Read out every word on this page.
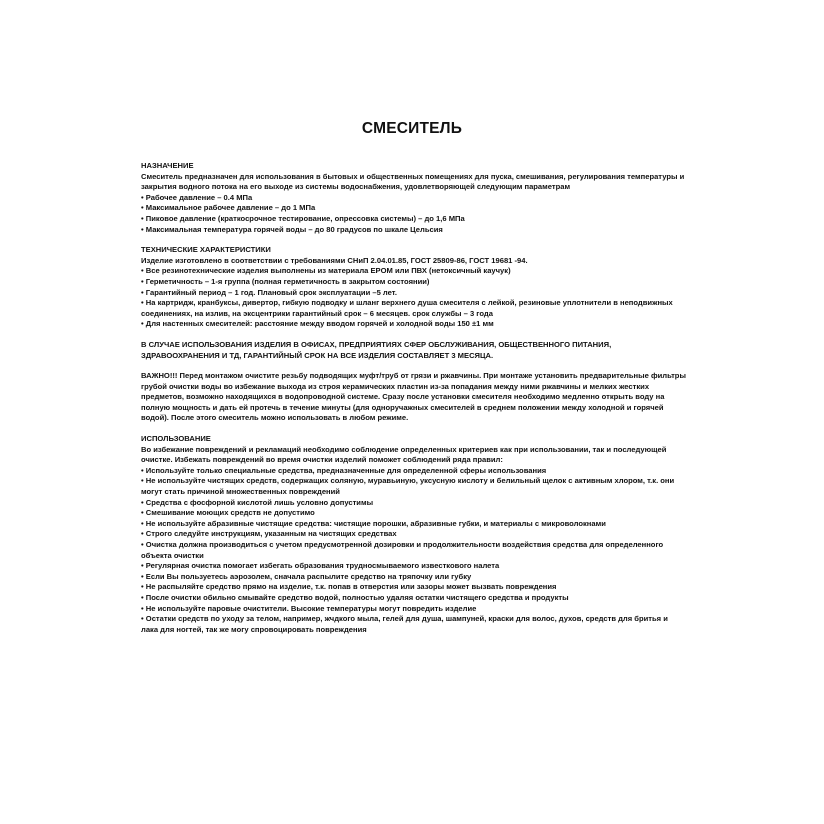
СМЕСИТЕЛЬ

НАЗНАЧЕНИЕ

Смеситель предназначен для использования в бытовых и общественных помещениях для пуска, смешивания, регулирования температуры и закрытия водного потока на его выходе из системы водоснабжения, удовлетворяющей следующим параметрам

• Рабочее давление – 0.4 МПа
• Максимальное рабочее давление – до 1 МПа
• Пиковое давление (краткосрочное тестирование, опрессовка системы) – до 1,6 МПа
• Максимальная температура горячей воды – до 80 градусов по шкале Цельсия

ТЕХНИЧЕСКИЕ ХАРАКТЕРИСТИКИ

Изделие изготовлено в соответствии с требованиями СНиП 2.04.01.85, ГОСТ 25809-86, ГОСТ 19681 -94.

• Все резинотехнические изделия выполнены из материала EPOM или ПВХ (нетоксичный каучук)
• Герметичность – 1-я группа (полная герметичность в закрытом состоянии)
• Гарантийный период – 1 год. Плановый срок эксплуатации –5 лет.
• На картридж, кранбуксы, дивертор, гибкую подводку и шланг верхнего душа смесителя с лейкой, резиновые уплотнители в неподвижных соединениях, на излив, на эксцентрики гарантийный срок – 6 месяцев. срок службы – 3 года
• Для настенных смесителей: расстояние между вводом горячей и холодной воды 150 ±1 мм

В СЛУЧАЕ ИСПОЛЬЗОВАНИЯ ИЗДЕЛИЯ В ОФИСАХ, ПРЕДПРИЯТИЯХ СФЕР ОБСЛУЖИВАНИЯ, ОБЩЕСТВЕННОГО ПИТАНИЯ, ЗДРАВООХРАНЕНИЯ И ТД, ГАРАНТИЙНЫЙ СРОК НА ВСЕ ИЗДЕЛИЯ СОСТАВЛЯЕТ 3 МЕСЯЦА.

ВАЖНО!!! Перед монтажом очистите резьбу подводящих муфт/труб от грязи и ржавчины. При монтаже установить предварительные фильтры грубой очистки воды во избежание выхода из строя керамических пластин из-за попадания между ними ржавчины и мелких жестких предметов, возможно находящихся в водопроводной системе. Сразу после установки смесителя необходимо медленно открыть воду на полную мощность и дать ей протечь в течение минуты (для одноручажных смесителей в среднем положении между холодной и горячей водой). После этого смеситель можно использовать в любом режиме.

ИСПОЛЬЗОВАНИЕ

Во избежание повреждений и рекламаций необходимо соблюдение определенных критериев как при использовании, так и последующей очистке. Избежать повреждений во время очистки изделий поможет соблюдений ряда правил:

• Используйте только специальные средства, предназначенные для определенной сферы использования
• Не используйте чистящих средств, содержащих соляную, муравьиную, уксусную кислоту и белильный щелок с активным хлором, т.к. они могут стать причиной множественных повреждений
• Средства с фосфорной кислотой лишь условно допустимы
• Смешивание моющих средств не допустимо
• Не используйте абразивные чистящие средства: чистящие порошки, абразивные губки, и материалы с микроволокнами
• Строго следуйте инструкциям, указанным на чистящих средствах
• Очистка должна производиться с учетом предусмотренной дозировки и продолжительности воздействия средства для определенного объекта очистки
• Регулярная очистка помогает избегать образования трудносмываемого известкового налета
• Если Вы пользуетесь аэрозолем, сначала распылите средство на тряпочку или губку
• Не распыляйте средство прямо на изделие, т.к. попав в отверстия или зазоры может вызвать повреждения
• После очистки обильно смывайте средство водой, полностью удаляя остатки чистящего средства и продукты
• Не используйте паровые очистители. Высокие температуры могут повредить изделие
• Остатки средств по уходу за телом, например, жчдкого мыла, гелей для душа, шампуней, краски для волос, духов, средств для бритья и лака для ногтей, так же могу спровоцировать повреждения
